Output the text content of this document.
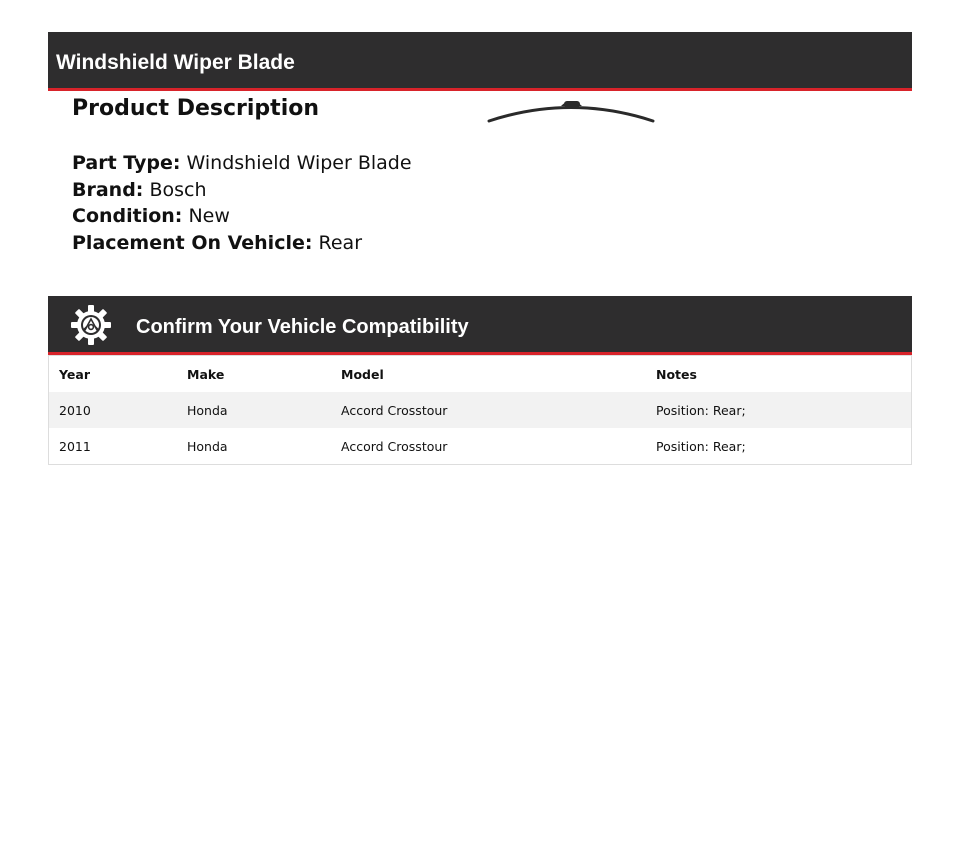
Windshield Wiper Blade
Product Description
Part Type: Windshield Wiper Blade
Brand: Bosch
Condition: New
Placement On Vehicle: Rear
Confirm Your Vehicle Compatibility
Year	Make	Model	Notes
2010	Honda	Accord Crosstour	Position: Rear;
2011	Honda	Accord Crosstour	Position: Rear;
